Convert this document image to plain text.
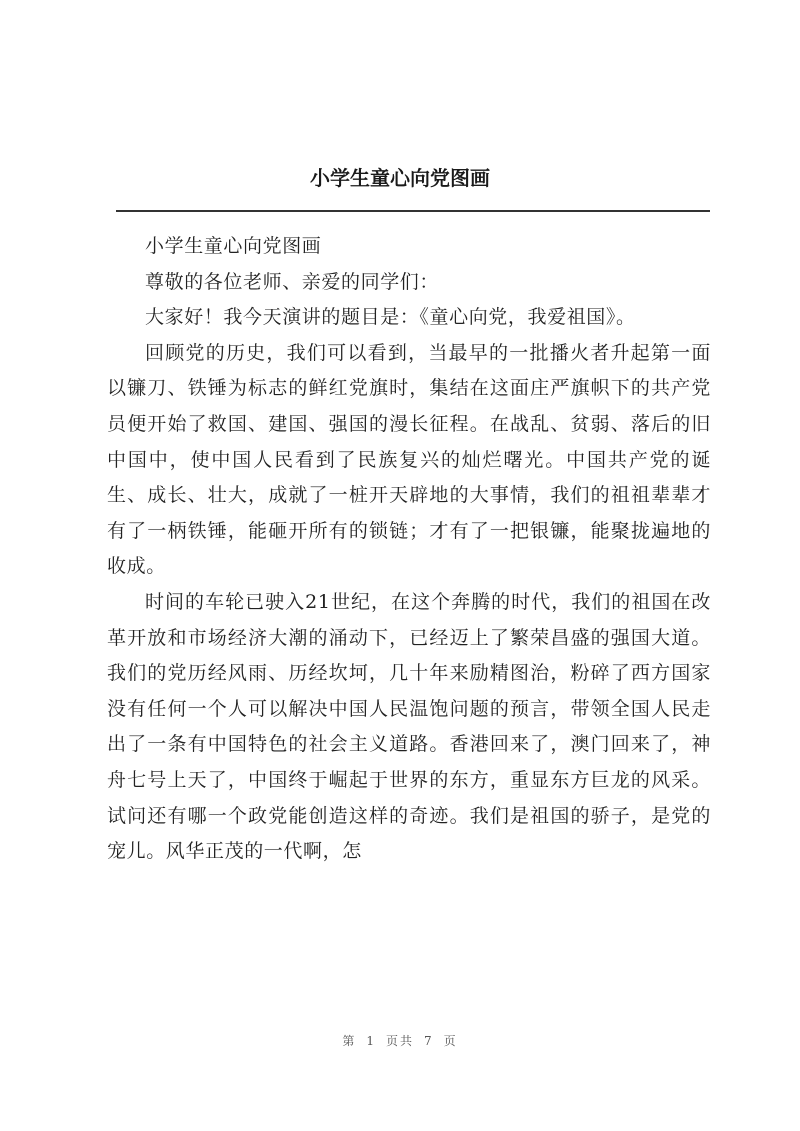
小学生童心向党图画

小学生童心向党图画

尊敬的各位老师、亲爱的同学们：

大家好！我今天演讲的题目是：《童心向党，我爱祖国》。

回顾党的历史，我们可以看到，当最早的一批播火者升起第一面以镰刀、铁锤为标志的鲜红党旗时，集结在这面庄严旗帜下的共产党员便开始了救国、建国、强国的漫长征程。在战乱、贫弱、落后的旧中国中，使中国人民看到了民族复兴的灿烂曙光。中国共产党的诞生、成长、壮大，成就了一桩开天辟地的大事情，我们的祖祖辈辈才有了一柄铁锤，能砸开所有的锁链；才有了一把银镰，能聚拢遍地的收成。

时间的车轮已驶入21世纪，在这个奔腾的时代，我们的祖国在改革开放和市场经济大潮的涌动下，已经迈上了繁荣昌盛的强国大道。我们的党历经风雨、历经坎坷，几十年来励精图治，粉碎了西方国家没有任何一个人可以解决中国人民温饱问题的预言，带领全国人民走出了一条有中国特色的社会主义道路。香港回来了，澳门回来了，神舟七号上天了，中国终于崛起于世界的东方，重显东方巨龙的风采。试问还有哪一个政党能创造这样的奇迹。我们是祖国的骄子，是党的宠儿。风华正茂的一代啊，怎

第 1 页共 7 页
